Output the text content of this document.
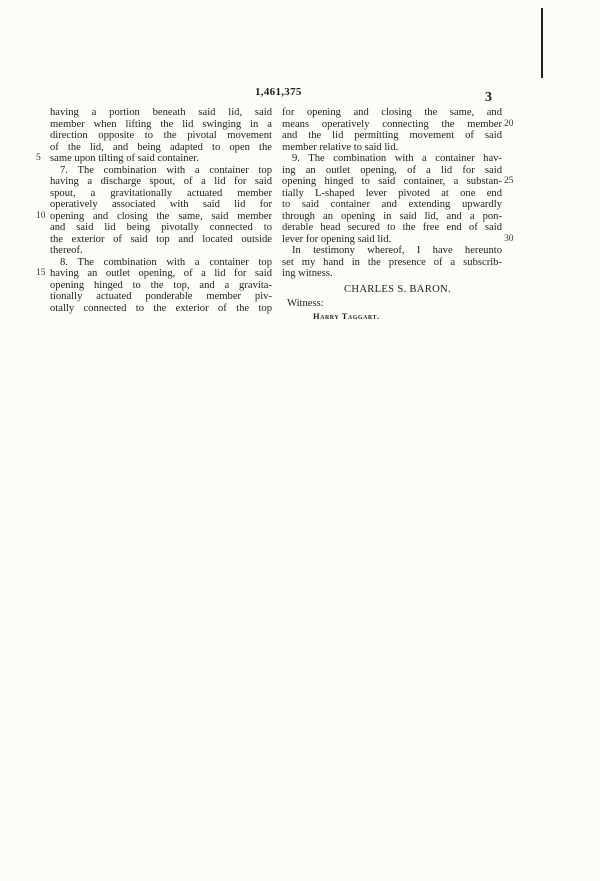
1,461,375	3
having a portion beneath said lid, said
member when lifting the lid swinging in a
direction opposite to the pivotal movement
of the lid, and being adapted to open the
same upon tilting of said container.
7. The combination with a container top
having a discharge spout, of a lid for said
spout, a gravitationally actuated member
operatively associated with said lid for
opening and closing the same, said member
and said lid being pivotally connected to
the exterior of said top and located outside
thereof.
8. The combination with a container top
having an outlet opening, of a lid for said
opening hinged to the top, and a gravita-
tionally actuated ponderable member piv-
otally connected to the exterior of the top
for opening and closing the same, and
means operatively connecting the member
and the lid permitting movement of said
member relative to said lid.
9. The combination with a container hav-
ing an outlet opening, of a lid for said
opening hinged to said container, a substan-
tially L-shaped lever pivoted at one end
to said container and extending upwardly
through an opening in said lid, and a pon-
derable head secured to the free end of said
lever for opening said lid.
In testimony whereof, I have hereunto
set my hand in the presence of a subscrib-
ing witness.
CHARLES S. BARON.
Witness:
Harry Taggart.
5
10
15
20
25
30
